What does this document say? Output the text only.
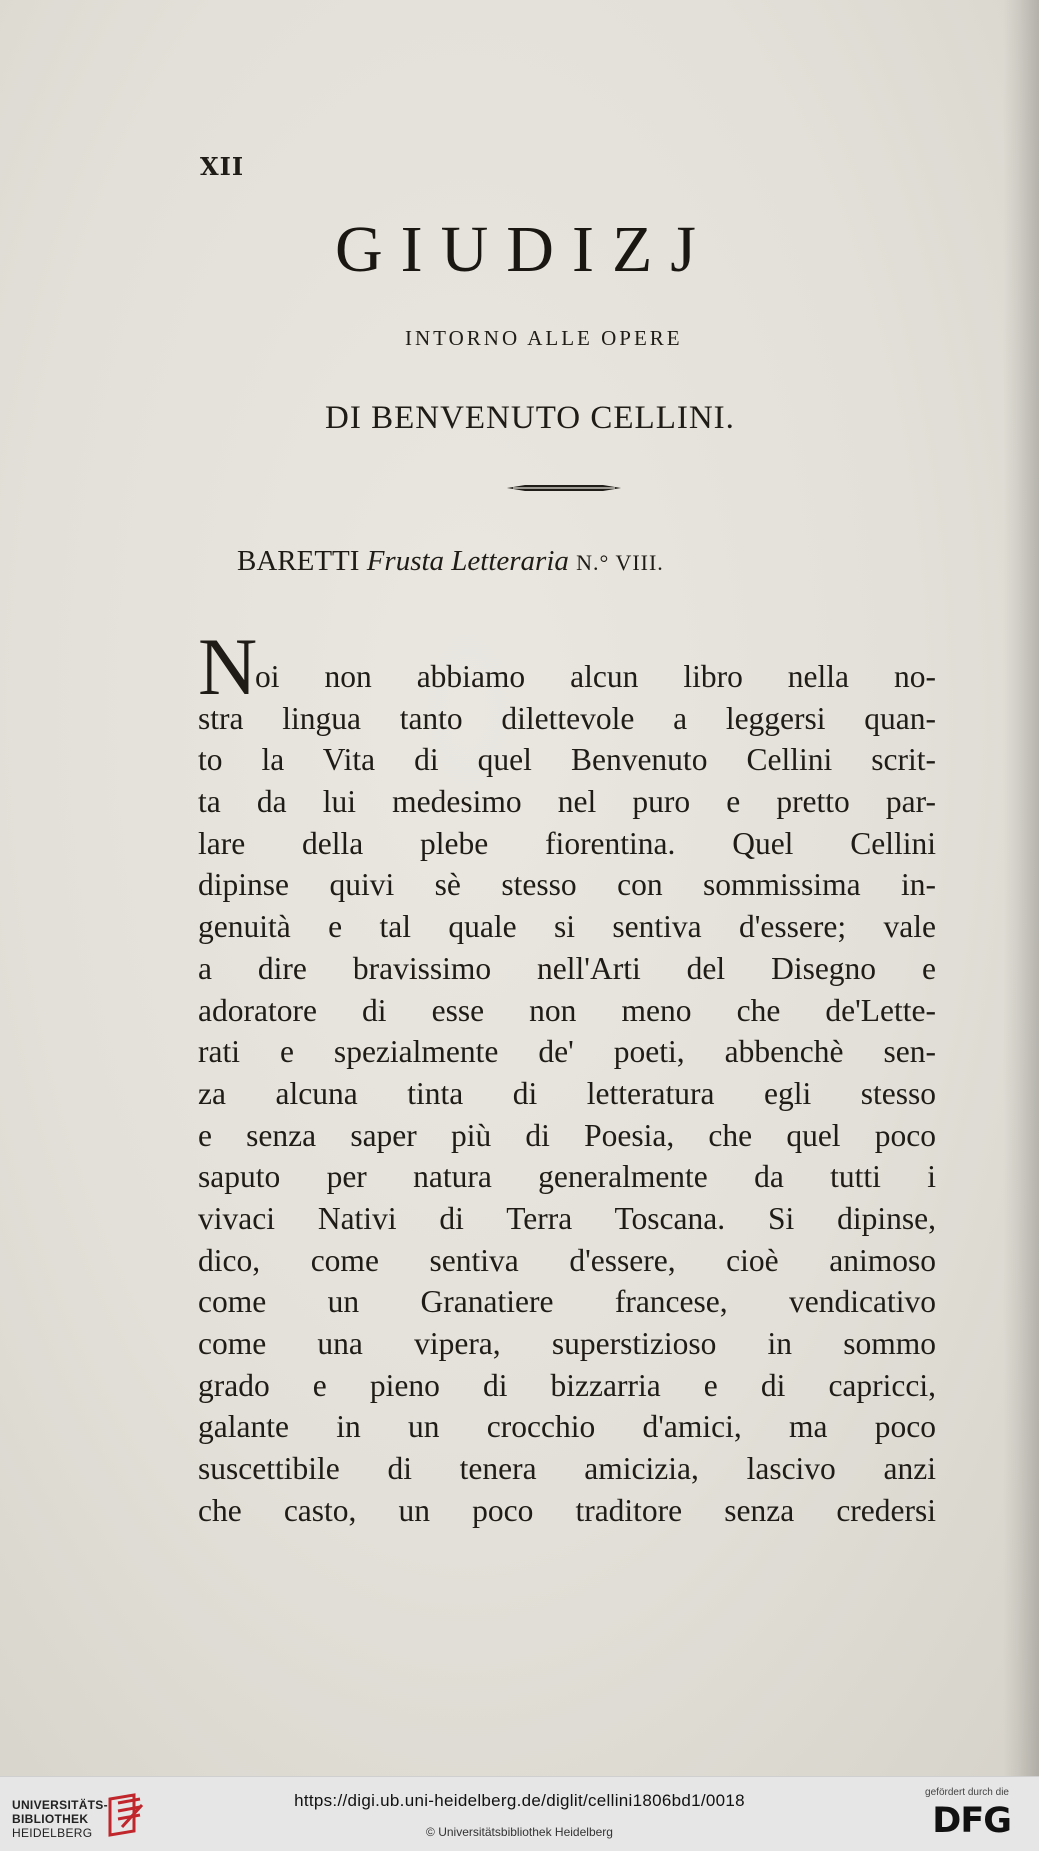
XII
GIUDIZJ
INTORNO ALLE OPERE
DI BENVENUTO CELLINI.
BARETTI Frusta Letteraria N.° VIII.
N
oi non abbiamo alcun libro nella no-
stra lingua tanto dilettevole a leggersi quan-
to la Vita di quel Benvenuto Cellini scrit-
ta da lui medesimo nel puro e pretto par-
lare della plebe fiorentina. Quel Cellini
dipinse quivi sè stesso con sommissima in-
genuità e tal quale si sentiva d'essere; vale
a dire bravissimo nell'Arti del Disegno e
adoratore di esse non meno che de'Lette-
rati e spezialmente de' poeti, abbenchè sen-
za alcuna tinta di letteratura egli stesso
e senza saper più di Poesia, che quel poco
saputo per natura generalmente da tutti i
vivaci Nativi di Terra Toscana. Si dipinse,
dico, come sentiva d'essere, cioè animoso
come un Granatiere francese, vendicativo
come una vipera, superstizioso in sommo
grado e pieno di bizzarria e di capricci,
galante in un crocchio d'amici, ma poco
suscettibile di tenera amicizia, lascivo anzi
che casto, un poco traditore senza credersi
UNIVERSITÄTS-
BIBLIOTHEK
HEIDELBERG
https://digi.ub.uni-heidelberg.de/diglit/cellini1806bd1/0018
© Universitätsbibliothek Heidelberg
gefördert durch die
DFG
